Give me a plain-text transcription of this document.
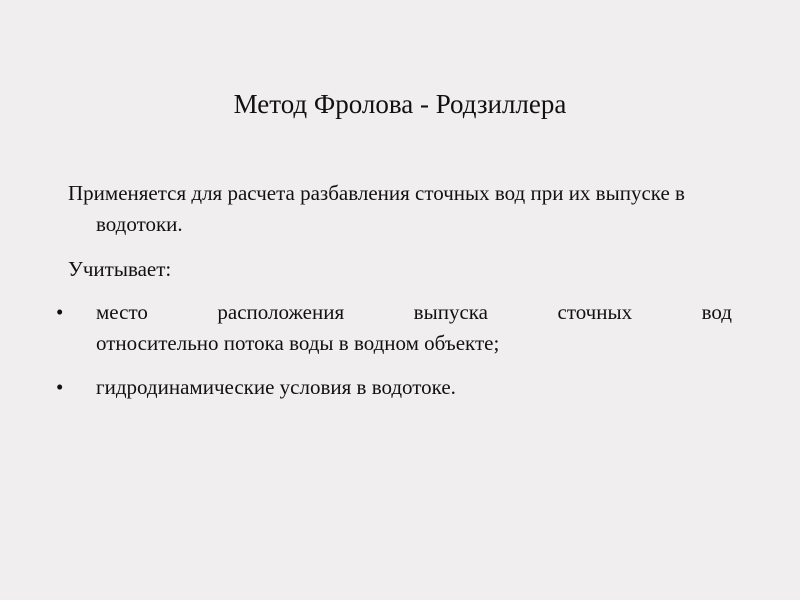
Метод Фролова - Родзиллера

Применяется для расчета разбавления сточных вод при их выпуске в водотоки.

Учитывает:

•	место расположения выпуска сточных вод
относительно потока воды в водном объекте;
•	гидродинамические условия в водотоке.
